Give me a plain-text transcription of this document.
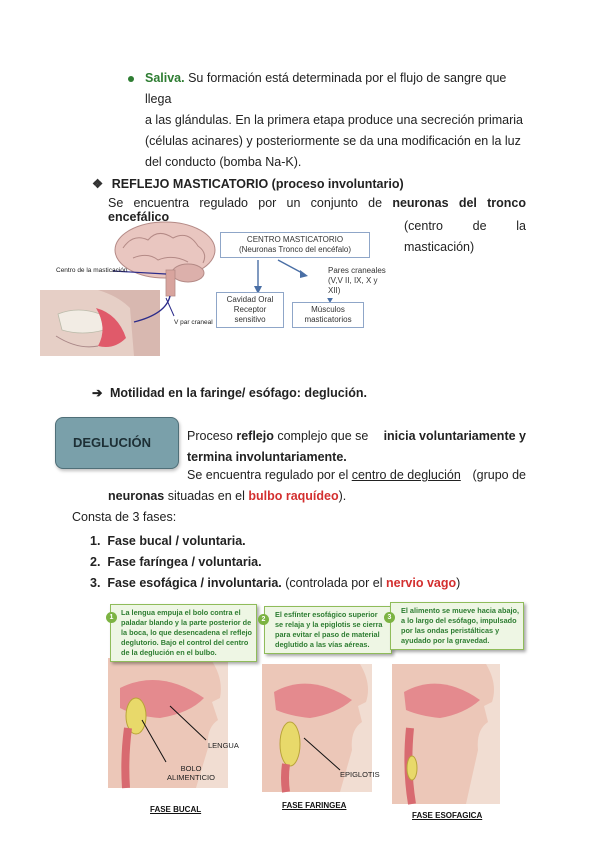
Saliva. Su formación está determinada por el flujo de sangre que llega
a las glándulas. En la primera etapa produce una secreción primaria
(células acinares) y posteriormente se da una modificación en la luz
del conducto (bomba Na-K).
❖ REFLEJO MASTICATORIO (proceso involuntario)
Se encuentra regulado por un conjunto de neuronas del tronco encefálico
(centro de la
masticación)
CENTRO MASTICATORIO
(Neuronas Tronco del encéfalo)
Pares craneales (V,V II, IX, X y XII)
Cavidad Oral Receptor sensitivo
Músculos masticatorios
Centro de la masticación
V par craneal
➔ Motilidad en la faringe/ esófago: deglución.
DEGLUCIÓN	Proceso reflejo complejo que se inicia voluntariamente y
termina involuntariamente.
Se encuentra regulado por el centro de deglución (grupo de
neuronas situadas en el bulbo raquídeo).
Consta de 3 fases:
1.  Fase bucal / voluntaria.
2.  Fase faríngea / voluntaria.
3.  Fase esofágica / involuntaria. (controlada por el nervio vago)
La lengua empuja el bolo contra el paladar blando y la parte posterior de la boca, lo que desencadena el reflejo deglutorio. Bajo el control del centro de la deglución en el bulbo.
1	El esfínter esofágico superior se relaja y la epiglotis se cierra para evitar el paso de material deglutido a las vías aéreas.
2
El alimento se mueve hacia abajo, a lo largo del esófago, impulsado por las ondas peristálticas y ayudado por la gravedad.
3
LENGUA
BOLO ALIMENTICIO	EPIGLOTIS
FASE BUCAL	FASE FARINGEA
FASE ESOFAGICA
